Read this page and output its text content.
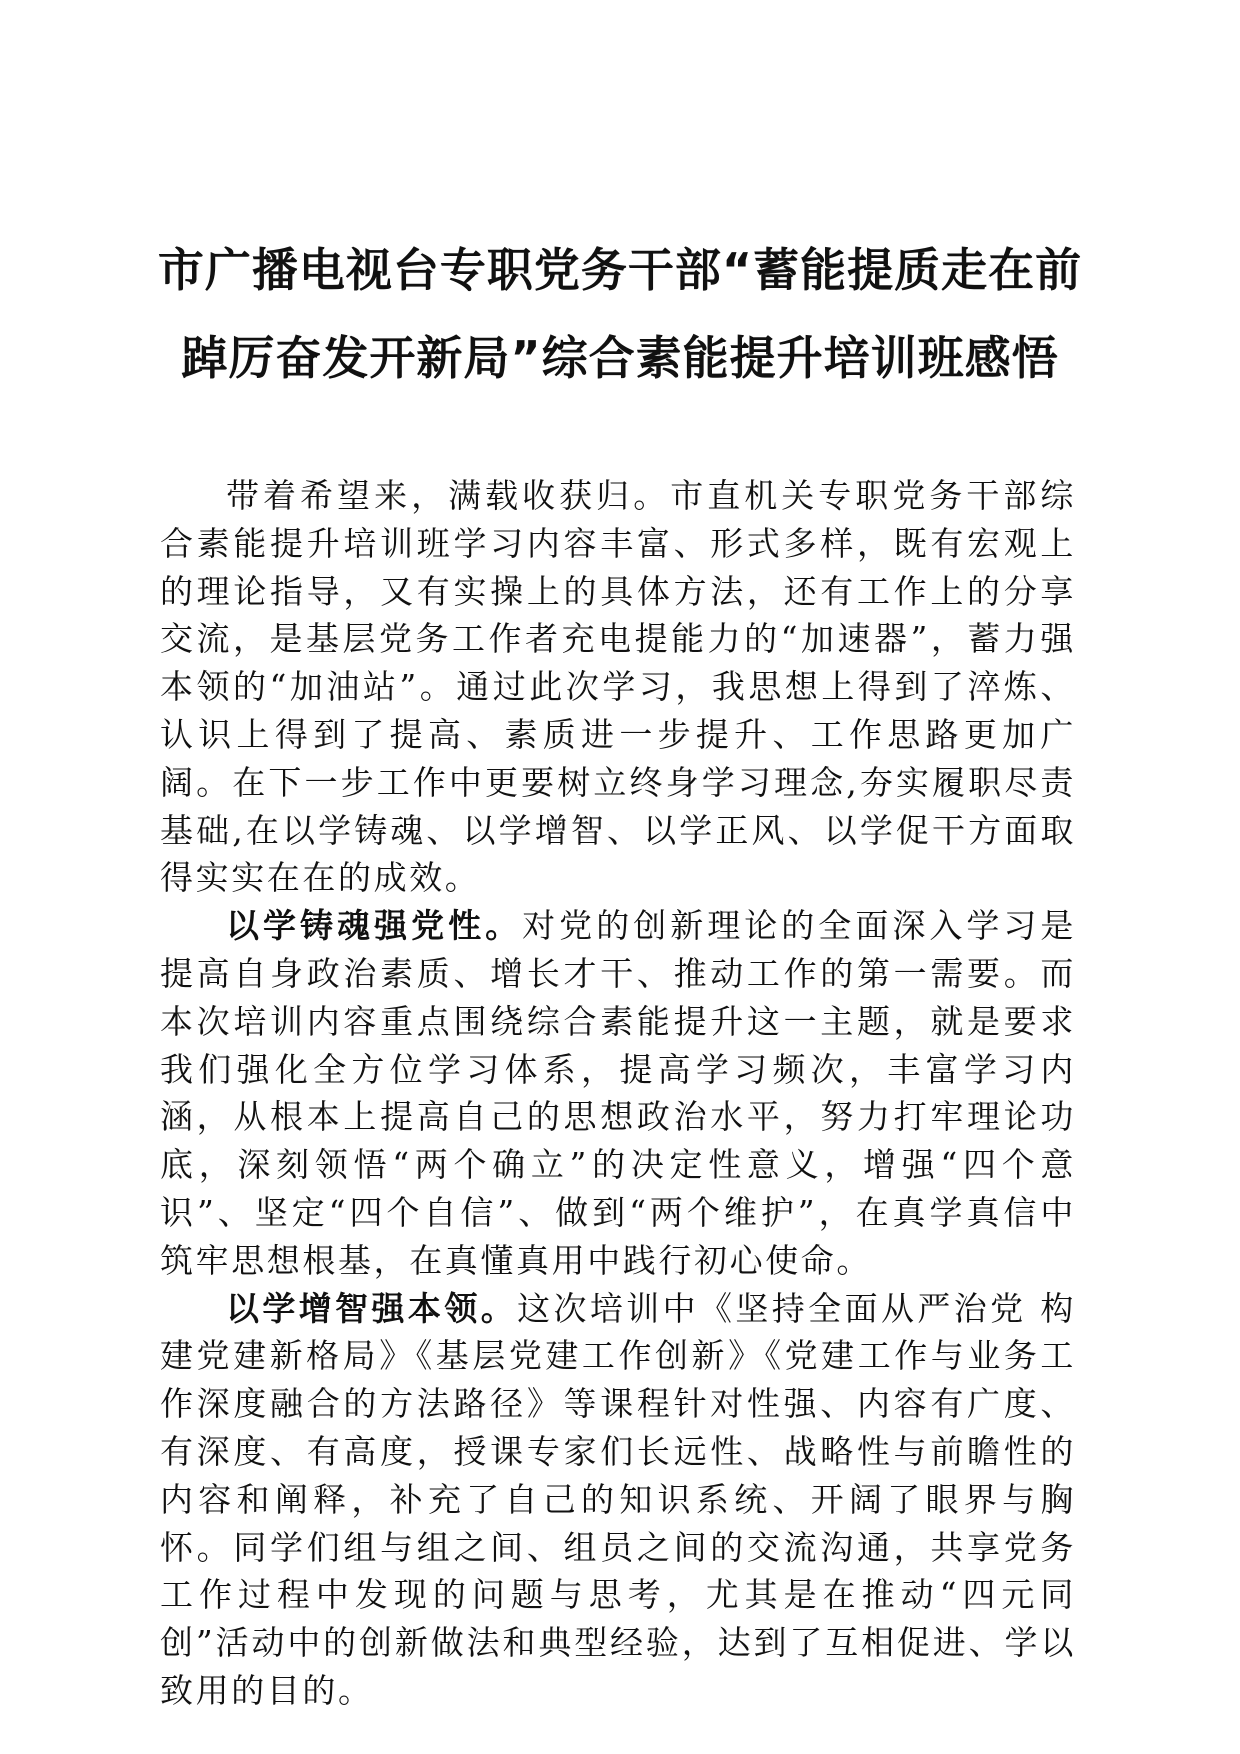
市广播电视台专职党务干部“蓄能提质走在前
踔厉奋发开新局”综合素能提升培训班感悟

带着希望来，满载收获归。市直机关专职党务干部综合素能提升培训班学习内容丰富、形式多样，既有宏观上的理论指导，又有实操上的具体方法，还有工作上的分享交流，是基层党务工作者充电提能力的“加速器”，蓄力强本领的“加油站”。通过此次学习，我思想上得到了淬炼、认识上得到了提高、素质进一步提升、工作思路更加广阔。在下一步工作中更要树立终身学习理念,夯实履职尽责基础,在以学铸魂、以学增智、以学正风、以学促干方面取得实实在在的成效。

以学铸魂强党性。对党的创新理论的全面深入学习是提高自身政治素质、增长才干、推动工作的第一需要。而本次培训内容重点围绕综合素能提升这一主题，就是要求我们强化全方位学习体系，提高学习频次，丰富学习内涵，从根本上提高自己的思想政治水平，努力打牢理论功底，深刻领悟“两个确立”的决定性意义，增强“四个意识”、坚定“四个自信”、做到“两个维护”，在真学真信中筑牢思想根基，在真懂真用中践行初心使命。

以学增智强本领。这次培训中《坚持全面从严治党 构建党建新格局》《基层党建工作创新》《党建工作与业务工作深度融合的方法路径》等课程针对性强、内容有广度、有深度、有高度，授课专家们长远性、战略性与前瞻性的内容和阐释，补充了自己的知识系统、开阔了眼界与胸怀。同学们组与组之间、组员之间的交流沟通，共享党务工作过程中发现的问题与思考，尤其是在推动“四元同创”活动中的创新做法和典型经验，达到了互相促进、学以致用的目的。
